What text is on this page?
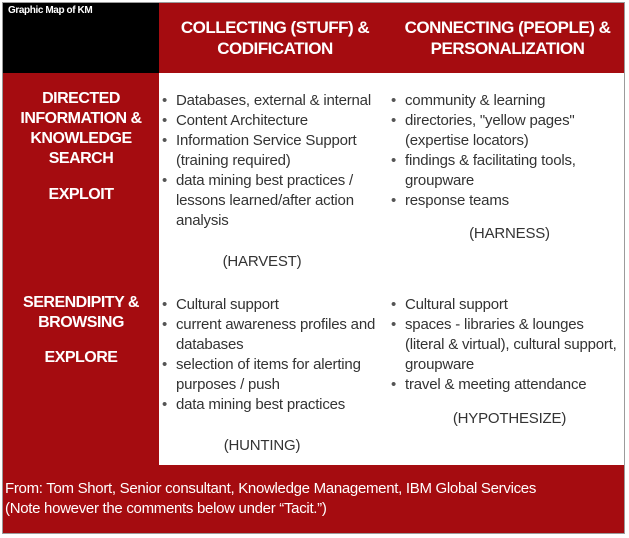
Graphic Map of KM
COLLECTING (STUFF) &
CODIFICATION
CONNECTING (PEOPLE) &
PERSONALIZATION
DIRECTED
INFORMATION &
KNOWLEDGE
SEARCH
EXPLOIT
SERENDIPITY &
BROWSING
EXPLORE
• Databases, external & internal
• Content Architecture
• Information Service Support (training required)
• data mining best practices / lessons learned/after action analysis
(HARVEST)
• community & learning
• directories, "yellow pages" (expertise locators)
• findings & facilitating tools, groupware
• response teams
(HARNESS)
• Cultural support
• current awareness profiles and databases
• selection of items for alerting purposes / push
• data mining best practices
(HUNTING)
• Cultural support
• spaces - libraries & lounges (literal & virtual), cultural support, groupware
• travel & meeting attendance
(HYPOTHESIZE)
From: Tom Short, Senior consultant, Knowledge Management, IBM Global Services
(Note however the comments below under “Tacit.”)
